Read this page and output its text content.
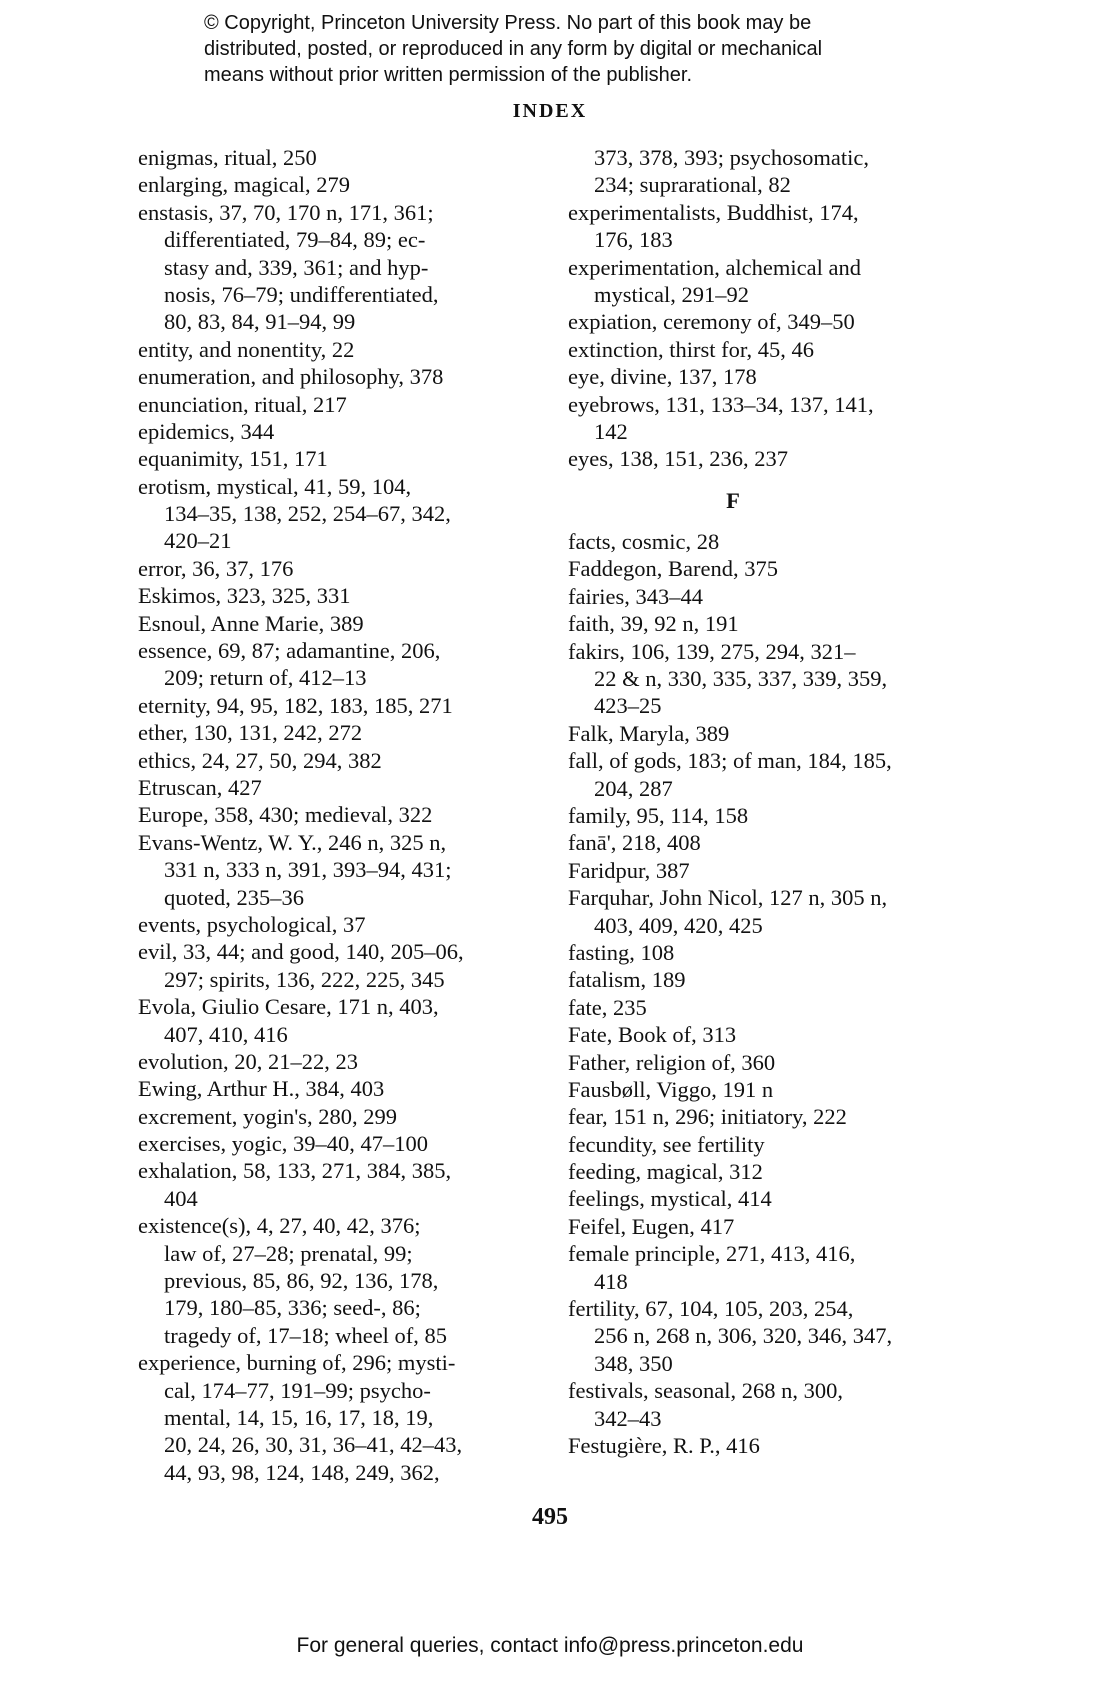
© Copyright, Princeton University Press. No part of this book may be
distributed, posted, or reproduced in any form by digital or mechanical
means without prior written permission of the publisher.
INDEX
enigmas, ritual, 250
enlarging, magical, 279
enstasis, 37, 70, 170 n, 171, 361;
differentiated, 79–84, 89; ec-
stasy and, 339, 361; and hyp-
nosis, 76–79; undifferentiated,
80, 83, 84, 91–94, 99
entity, and nonentity, 22
enumeration, and philosophy, 378
enunciation, ritual, 217
epidemics, 344
equanimity, 151, 171
erotism, mystical, 41, 59, 104,
134–35, 138, 252, 254–67, 342,
420–21
error, 36, 37, 176
Eskimos, 323, 325, 331
Esnoul, Anne Marie, 389
essence, 69, 87; adamantine, 206,
209; return of, 412–13
eternity, 94, 95, 182, 183, 185, 271
ether, 130, 131, 242, 272
ethics, 24, 27, 50, 294, 382
Etruscan, 427
Europe, 358, 430; medieval, 322
Evans-Wentz, W. Y., 246 n, 325 n,
331 n, 333 n, 391, 393–94, 431;
quoted, 235–36
events, psychological, 37
evil, 33, 44; and good, 140, 205–06,
297; spirits, 136, 222, 225, 345
Evola, Giulio Cesare, 171 n, 403,
407, 410, 416
evolution, 20, 21–22, 23
Ewing, Arthur H., 384, 403
excrement, yogin's, 280, 299
exercises, yogic, 39–40, 47–100
exhalation, 58, 133, 271, 384, 385,
404
existence(s), 4, 27, 40, 42, 376;
law of, 27–28; prenatal, 99;
previous, 85, 86, 92, 136, 178,
179, 180–85, 336; seed-, 86;
tragedy of, 17–18; wheel of, 85
experience, burning of, 296; mysti-
cal, 174–77, 191–99; psycho-
mental, 14, 15, 16, 17, 18, 19,
20, 24, 26, 30, 31, 36–41, 42–43,
44, 93, 98, 124, 148, 249, 362,
373, 378, 393; psychosomatic,
234; suprarational, 82
experimentalists, Buddhist, 174,
176, 183
experimentation, alchemical and
mystical, 291–92
expiation, ceremony of, 349–50
extinction, thirst for, 45, 46
eye, divine, 137, 178
eyebrows, 131, 133–34, 137, 141,
142
eyes, 138, 151, 236, 237
F
facts, cosmic, 28
Faddegon, Barend, 375
fairies, 343–44
faith, 39, 92 n, 191
fakirs, 106, 139, 275, 294, 321–
22 & n, 330, 335, 337, 339, 359,
423–25
Falk, Maryla, 389
fall, of gods, 183; of man, 184, 185,
204, 287
family, 95, 114, 158
fanā', 218, 408
Faridpur, 387
Farquhar, John Nicol, 127 n, 305 n,
403, 409, 420, 425
fasting, 108
fatalism, 189
fate, 235
Fate, Book of, 313
Father, religion of, 360
Fausbøll, Viggo, 191 n
fear, 151 n, 296; initiatory, 222
fecundity, see fertility
feeding, magical, 312
feelings, mystical, 414
Feifel, Eugen, 417
female principle, 271, 413, 416,
418
fertility, 67, 104, 105, 203, 254,
256 n, 268 n, 306, 320, 346, 347,
348, 350
festivals, seasonal, 268 n, 300,
342–43
Festugière, R. P., 416
495
For general queries, contact info@press.princeton.edu
